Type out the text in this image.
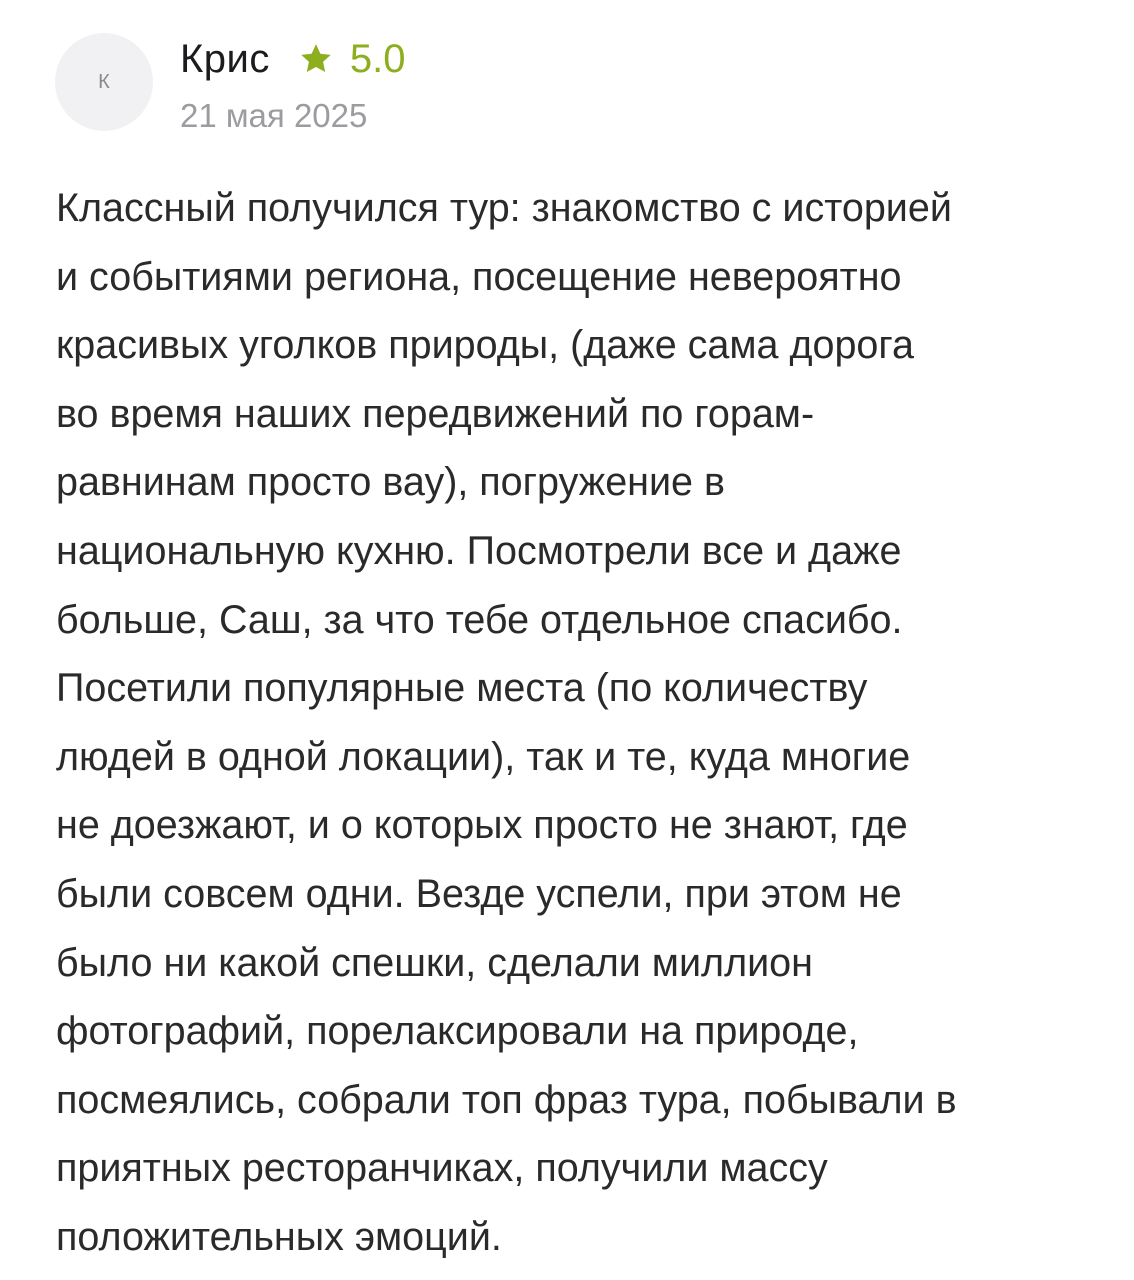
К
Крис 5.0
21 мая 2025
Классный получился тур: знакомство с историей
и событиями региона, посещение невероятно
красивых уголков природы, (даже сама дорога
во время наших передвижений по горам-
равнинам просто вау), погружение в
национальную кухню. Посмотрели все и даже
больше, Саш, за что тебе отдельное спасибо.
Посетили популярные места (по количеству
людей в одной локации), так и те, куда многие
не доезжают, и о которых просто не знают, где
были совсем одни. Везде успели, при этом не
было ни какой спешки, сделали миллион
фотографий, порелаксировали на природе,
посмеялись, собрали топ фраз тура, побывали в
приятных ресторанчиках, получили массу
положительных эмоций.
